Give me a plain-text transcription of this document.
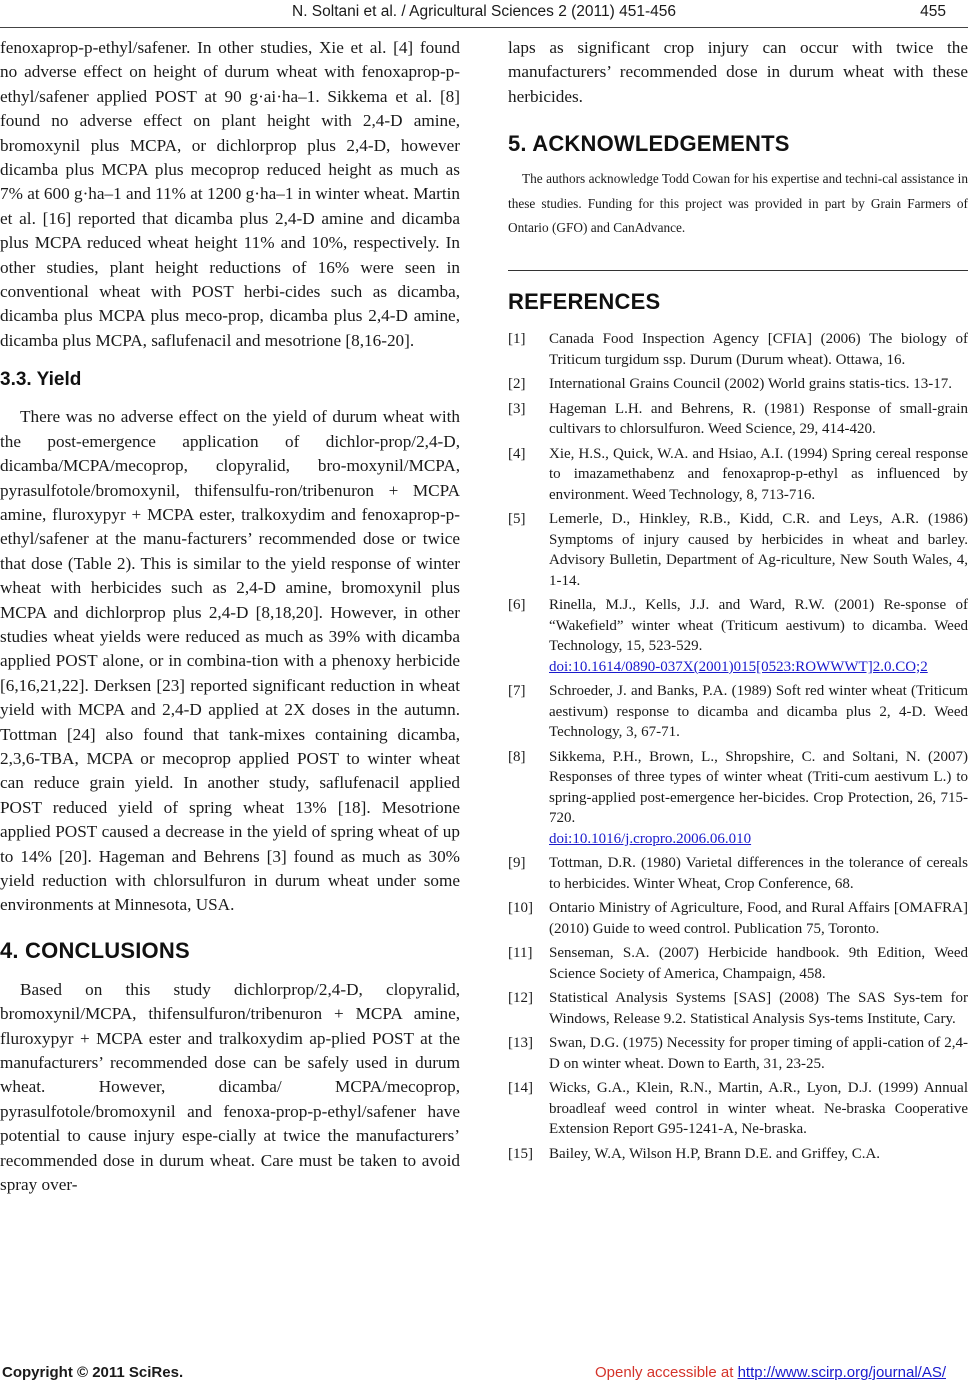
N. Soltani et al. / Agricultural Sciences 2 (2011) 451-456	455

fenoxaprop-p-ethyl/safener. In other studies, Xie et al. [4] found no adverse effect on height of durum wheat with fenoxaprop-p-ethyl/safener applied POST at 90 g·ai·ha–1. Sikkema et al. [8] found no adverse effect on plant height with 2,4-D amine, bromoxynil plus MCPA, or dichlorprop plus 2,4-D, however dicamba plus MCPA plus mecoprop reduced height as much as 7% at 600 g·ha–1 and 11% at 1200 g·ha–1 in winter wheat. Martin et al. [16] reported that dicamba plus 2,4-D amine and dicamba plus MCPA reduced wheat height 11% and 10%, respectively. In other studies, plant height reductions of 16% were seen in conventional wheat with POST herbi-cides such as dicamba, dicamba plus MCPA plus meco-prop, dicamba plus 2,4-D amine, dicamba plus MCPA, saflufenacil and mesotrione [8,16-20].

3.3. Yield

There was no adverse effect on the yield of durum wheat with the post-emergence application of dichlor-prop/2,4-D, dicamba/MCPA/mecoprop, clopyralid, bro-moxynil/MCPA, pyrasulfotole/bromoxynil, thifensulfu-ron/tribenuron + MCPA amine, fluroxypyr + MCPA ester, tralkoxydim and fenoxaprop-p-ethyl/safener at the manu-facturers’ recommended dose or twice that dose (Table 2). This is similar to the yield response of winter wheat with herbicides such as 2,4-D amine, bromoxynil plus MCPA and dichlorprop plus 2,4-D [8,18,20]. However, in other studies wheat yields were reduced as much as 39% with dicamba applied POST alone, or in combina-tion with a phenoxy herbicide [6,16,21,22]. Derksen [23] reported significant reduction in wheat yield with MCPA and 2,4-D applied at 2X doses in the autumn. Tottman [24] also found that tank-mixes containing dicamba, 2,3,6-TBA, MCPA or mecoprop applied POST to winter wheat can reduce grain yield. In another study, saflufenacil applied POST reduced yield of spring wheat 13% [18]. Mesotrione applied POST caused a decrease in the yield of spring wheat of up to 14% [20]. Hageman and Behrens [3] found as much as 30% yield reduction with chlorsulfuron in durum wheat under some environments at Minnesota, USA.

4. CONCLUSIONS

Based on this study dichlorprop/2,4-D, clopyralid, bromoxynil/MCPA, thifensulfuron/tribenuron + MCPA amine, fluroxypyr + MCPA ester and tralkoxydim ap-plied POST at the manufacturers’ recommended dose can be safely used in durum wheat. However, dicamba/ MCPA/mecoprop, pyrasulfotole/bromoxynil and fenoxa-prop-p-ethyl/safener have potential to cause injury espe-cially at twice the manufacturers’ recommended dose in durum wheat. Care must be taken to avoid spray over-

laps as significant crop injury can occur with twice the manufacturers’ recommended dose in durum wheat with these herbicides.

5. ACKNOWLEDGEMENTS

The authors acknowledge Todd Cowan for his expertise and techni-cal assistance in these studies. Funding for this project was provided in part by Grain Farmers of Ontario (GFO) and CanAdvance.

REFERENCES
[1] Canada Food Inspection Agency [CFIA] (2006) The biology of Triticum turgidum ssp. Durum (Durum wheat). Ottawa, 16.
[2] International Grains Council (2002) World grains statis-tics. 13-17.
[3] Hageman L.H. and Behrens, R. (1981) Response of small-grain cultivars to chlorsulfuron. Weed Science, 29, 414-420.
[4] Xie, H.S., Quick, W.A. and Hsiao, A.I. (1994) Spring cereal response to imazamethabenz and fenoxaprop-p-ethyl as influenced by environment. Weed Technology, 8, 713-716.
[5] Lemerle, D., Hinkley, R.B., Kidd, C.R. and Leys, A.R. (1986) Symptoms of injury caused by herbicides in wheat and barley. Advisory Bulletin, Department of Ag-riculture, New South Wales, 4, 1-14.
[6] Rinella, M.J., Kells, J.J. and Ward, R.W. (2001) Re-sponse of “Wakefield” winter wheat (Triticum aestivum) to dicamba. Weed Technology, 15, 523-529.
doi:10.1614/0890-037X(2001)015[0523:ROWWWT]2.0.CO;2
[7] Schroeder, J. and Banks, P.A. (1989) Soft red winter wheat (Triticum aestivum) response to dicamba and dicamba plus 2, 4-D. Weed Technology, 3, 67-71.
[8] Sikkema, P.H., Brown, L., Shropshire, C. and Soltani, N. (2007) Responses of three types of winter wheat (Triti-cum aestivum L.) to spring-applied post-emergence her-bicides. Crop Protection, 26, 715-720.
doi:10.1016/j.cropro.2006.06.010
[9] Tottman, D.R. (1980) Varietal differences in the tolerance of cereals to herbicides. Winter Wheat, Crop Conference, 68.
[10] Ontario Ministry of Agriculture, Food, and Rural Affairs [OMAFRA] (2010) Guide to weed control. Publication 75, Toronto.
[11] Senseman, S.A. (2007) Herbicide handbook. 9th Edition, Weed Science Society of America, Champaign, 458.
[12] Statistical Analysis Systems [SAS] (2008) The SAS Sys-tem for Windows, Release 9.2. Statistical Analysis Sys-tems Institute, Cary.
[13] Swan, D.G. (1975) Necessity for proper timing of appli-cation of 2,4-D on winter wheat. Down to Earth, 31, 23-25.
[14] Wicks, G.A., Klein, R.N., Martin, A.R., Lyon, D.J. (1999) Annual broadleaf weed control in winter wheat. Ne-braska Cooperative Extension Report G95-1241-A, Ne-braska.
[15] Bailey, W.A, Wilson H.P, Brann D.E. and Griffey, C.A.
Copyright © 2011 SciRes.	Openly accessible at http://www.scirp.org/journal/AS/
